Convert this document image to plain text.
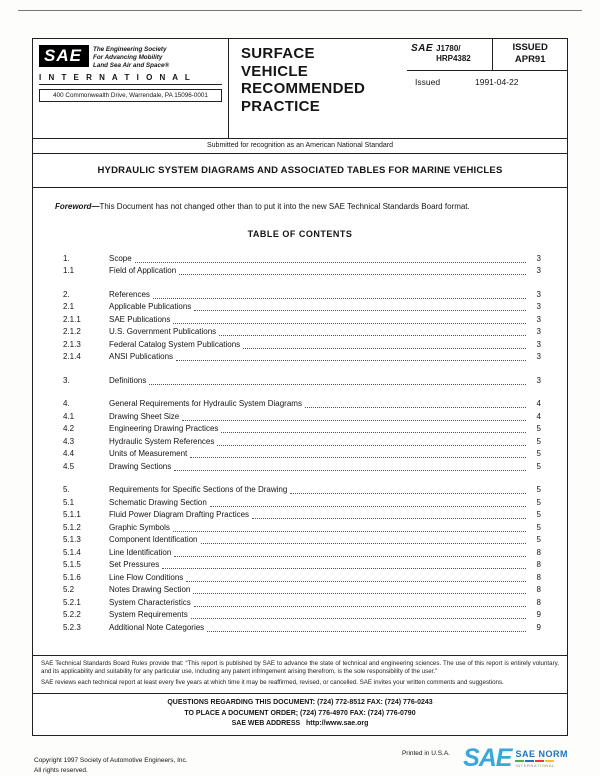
SAE	The Engineering Society
For Advancing Mobility
Land Sea Air and Space®
I N T E R N A T I O N A L
400 Commonwealth Drive, Warrendale, PA 15096-0001
SURFACE
VEHICLE
RECOMMENDED
PRACTICE
SAE J1780/
HRP4382
ISSUED
APR91
Issued	1991-04-22
Submitted for recognition as an American National Standard
HYDRAULIC SYSTEM DIAGRAMS AND ASSOCIATED TABLES FOR MARINE VEHICLES

Foreword—This Document has not changed other than to put it into the new SAE Technical Standards Board format.

TABLE OF CONTENTS
1.	Scope	3
1.1	Field of Application	3
2.	References	3
2.1	Applicable Publications	3
2.1.1	SAE Publications	3
2.1.2	U.S. Government Publications	3
2.1.3	Federal Catalog System Publications	3
2.1.4	ANSI Publications	3
3.	Definitions	3
4.	General Requirements for Hydraulic System Diagrams	4
4.1	Drawing Sheet Size	4
4.2	Engineering Drawing Practices	5
4.3	Hydraulic System References	5
4.4	Units of Measurement	5
4.5	Drawing Sections	5
5.	Requirements for Specific Sections of the Drawing	5
5.1	Schematic Drawing Section	5
5.1.1	Fluid Power Diagram Drafting Practices	5
5.1.2	Graphic Symbols	5
5.1.3	Component Identification	5
5.1.4	Line Identification	8
5.1.5	Set Pressures	8
5.1.6	Line Flow Conditions	8
5.2	Notes Drawing Section	8
5.2.1	System Characteristics	8
5.2.2	System Requirements	9
5.2.3	Additional Note Categories	9

SAE Technical Standards Board Rules provide that: “This report is published by SAE to advance the state of technical and engineering sciences. The use of this report is entirely voluntary, and its applicability and suitability for any particular use, including any patent infringement arising therefrom, is the sole responsibility of the user.”

SAE reviews each technical report at least every five years at which time it may be reaffirmed, revised, or cancelled. SAE invites your written comments and suggestions.

QUESTIONS REGARDING THIS DOCUMENT: (724) 772-8512 FAX: (724) 776-0243
TO PLACE A DOCUMENT ORDER; (724) 776-4970 FAX: (724) 776-0790
SAE WEB ADDRESS http://www.sae.org
Copyright 1997 Society of Automotive Engineers, Inc.
All rights reserved.
Printed in U.S.A. SAE SAE NORM
INTERNATIONAL
